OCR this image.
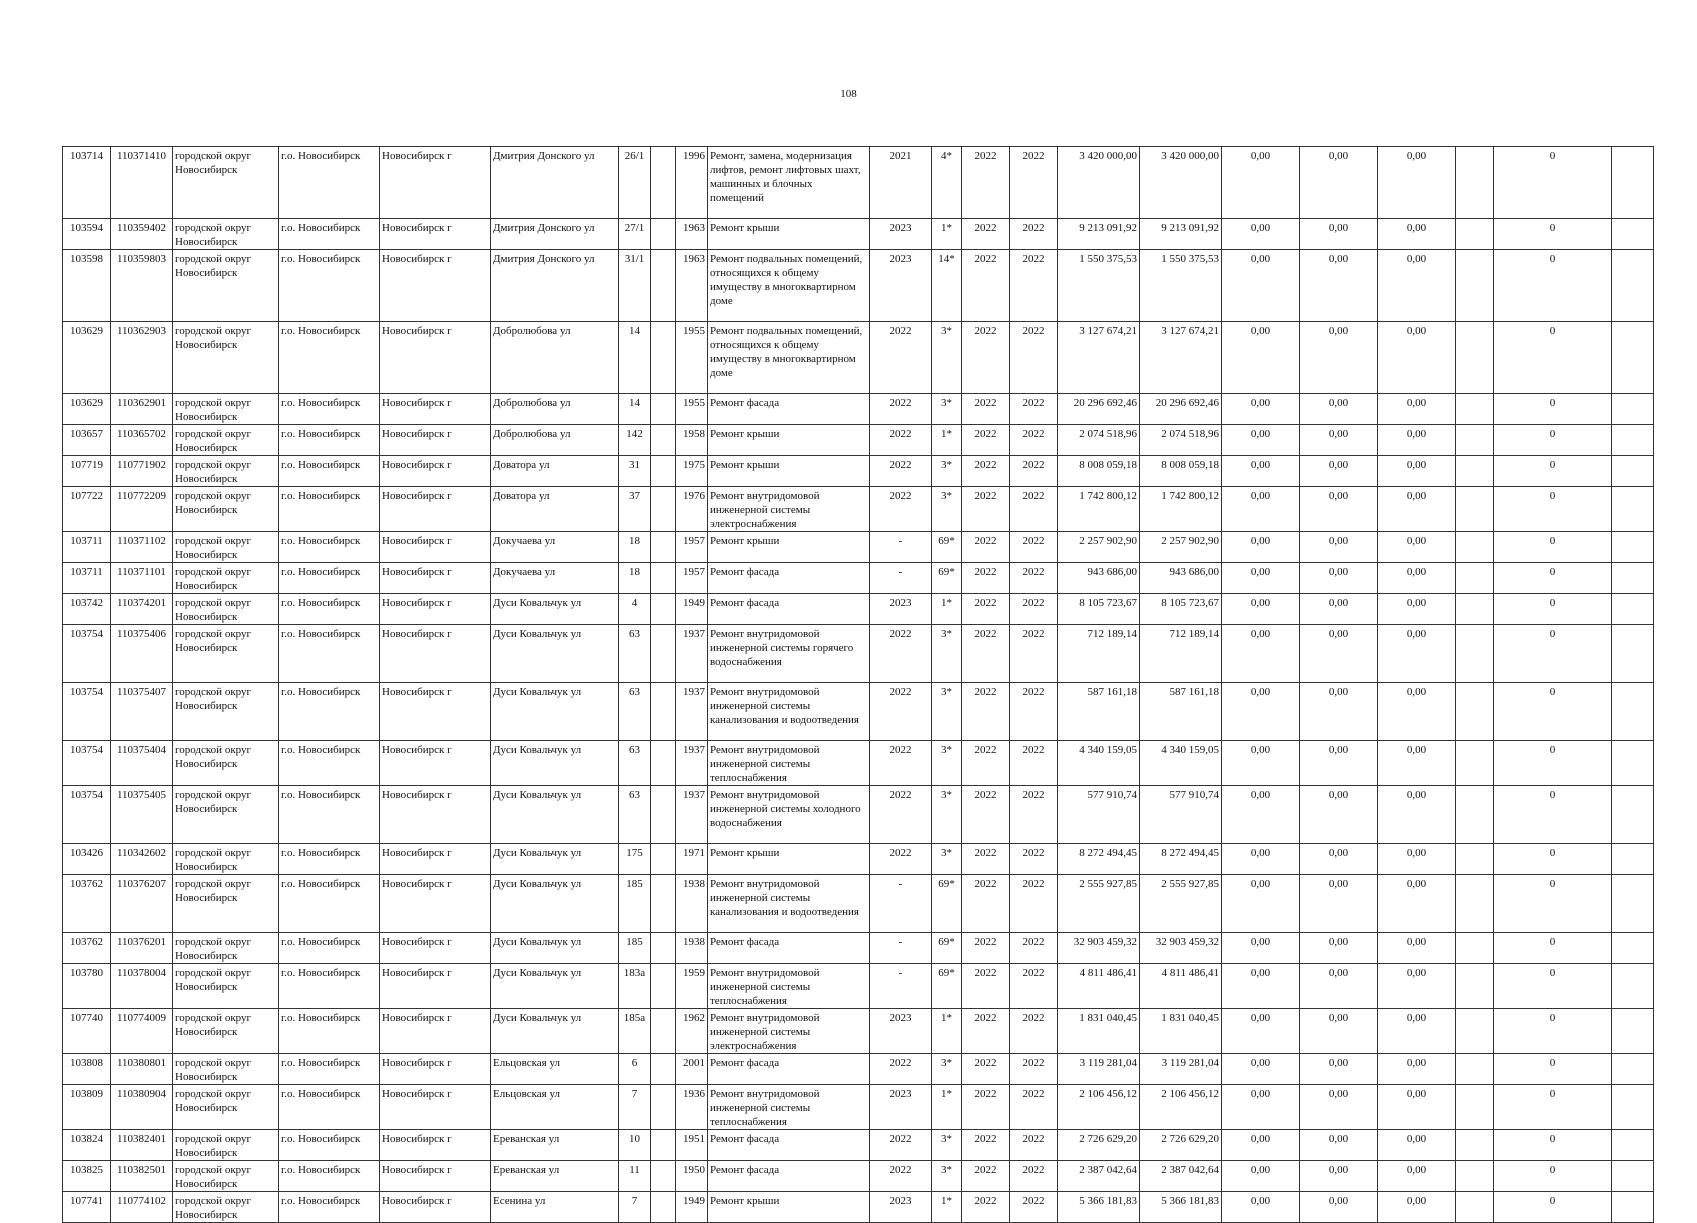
108
103714	110371410	городской округ Новосибирск	г.о. Новосибирск	Новосибирск г	Дмитрия Донского ул	26/1		1996	Ремонт, замена, модернизация лифтов, ремонт лифтовых шахт, машинных и блочных помещений	2021	4*	2022	2022	3 420 000,00	3 420 000,00	0,00	0,00	0,00		0	
103594	110359402	городской округ Новосибирск	г.о. Новосибирск	Новосибирск г	Дмитрия Донского ул	27/1		1963	Ремонт крыши	2023	1*	2022	2022	9 213 091,92	9 213 091,92	0,00	0,00	0,00		0	
103598	110359803	городской округ Новосибирск	г.о. Новосибирск	Новосибирск г	Дмитрия Донского ул	31/1		1963	Ремонт подвальных помещений, относящихся к общему имуществу в многоквартирном доме	2023	14*	2022	2022	1 550 375,53	1 550 375,53	0,00	0,00	0,00		0	
103629	110362903	городской округ Новосибирск	г.о. Новосибирск	Новосибирск г	Добролюбова ул	14		1955	Ремонт подвальных помещений, относящихся к общему имуществу в многоквартирном доме	2022	3*	2022	2022	3 127 674,21	3 127 674,21	0,00	0,00	0,00		0	
103629	110362901	городской округ Новосибирск	г.о. Новосибирск	Новосибирск г	Добролюбова ул	14		1955	Ремонт фасада	2022	3*	2022	2022	20 296 692,46	20 296 692,46	0,00	0,00	0,00		0	
103657	110365702	городской округ Новосибирск	г.о. Новосибирск	Новосибирск г	Добролюбова ул	142		1958	Ремонт крыши	2022	1*	2022	2022	2 074 518,96	2 074 518,96	0,00	0,00	0,00		0	
107719	110771902	городской округ Новосибирск	г.о. Новосибирск	Новосибирск г	Доватора ул	31		1975	Ремонт крыши	2022	3*	2022	2022	8 008 059,18	8 008 059,18	0,00	0,00	0,00		0	
107722	110772209	городской округ Новосибирск	г.о. Новосибирск	Новосибирск г	Доватора ул	37		1976	Ремонт внутридомовой инженерной системы электроснабжения	2022	3*	2022	2022	1 742 800,12	1 742 800,12	0,00	0,00	0,00		0	
103711	110371102	городской округ Новосибирск	г.о. Новосибирск	Новосибирск г	Докучаева ул	18		1957	Ремонт крыши	-	69*	2022	2022	2 257 902,90	2 257 902,90	0,00	0,00	0,00		0	
103711	110371101	городской округ Новосибирск	г.о. Новосибирск	Новосибирск г	Докучаева ул	18		1957	Ремонт фасада	-	69*	2022	2022	943 686,00	943 686,00	0,00	0,00	0,00		0	
103742	110374201	городской округ Новосибирск	г.о. Новосибирск	Новосибирск г	Дуси Ковальчук ул	4		1949	Ремонт фасада	2023	1*	2022	2022	8 105 723,67	8 105 723,67	0,00	0,00	0,00		0	
103754	110375406	городской округ Новосибирск	г.о. Новосибирск	Новосибирск г	Дуси Ковальчук ул	63		1937	Ремонт внутридомовой инженерной системы горячего водоснабжения	2022	3*	2022	2022	712 189,14	712 189,14	0,00	0,00	0,00		0	
103754	110375407	городской округ Новосибирск	г.о. Новосибирск	Новосибирск г	Дуси Ковальчук ул	63		1937	Ремонт внутридомовой инженерной системы канализования и водоотведения	2022	3*	2022	2022	587 161,18	587 161,18	0,00	0,00	0,00		0	
103754	110375404	городской округ Новосибирск	г.о. Новосибирск	Новосибирск г	Дуси Ковальчук ул	63		1937	Ремонт внутридомовой инженерной системы теплоснабжения	2022	3*	2022	2022	4 340 159,05	4 340 159,05	0,00	0,00	0,00		0	
103754	110375405	городской округ Новосибирск	г.о. Новосибирск	Новосибирск г	Дуси Ковальчук ул	63		1937	Ремонт внутридомовой инженерной системы холодного водоснабжения	2022	3*	2022	2022	577 910,74	577 910,74	0,00	0,00	0,00		0	
103426	110342602	городской округ Новосибирск	г.о. Новосибирск	Новосибирск г	Дуси Ковальчук ул	175		1971	Ремонт крыши	2022	3*	2022	2022	8 272 494,45	8 272 494,45	0,00	0,00	0,00		0	
103762	110376207	городской округ Новосибирск	г.о. Новосибирск	Новосибирск г	Дуси Ковальчук ул	185		1938	Ремонт внутридомовой инженерной системы канализования и водоотведения	-	69*	2022	2022	2 555 927,85	2 555 927,85	0,00	0,00	0,00		0	
103762	110376201	городской округ Новосибирск	г.о. Новосибирск	Новосибирск г	Дуси Ковальчук ул	185		1938	Ремонт фасада	-	69*	2022	2022	32 903 459,32	32 903 459,32	0,00	0,00	0,00		0	
103780	110378004	городской округ Новосибирск	г.о. Новосибирск	Новосибирск г	Дуси Ковальчук ул	183а		1959	Ремонт внутридомовой инженерной системы теплоснабжения	-	69*	2022	2022	4 811 486,41	4 811 486,41	0,00	0,00	0,00		0	
107740	110774009	городской округ Новосибирск	г.о. Новосибирск	Новосибирск г	Дуси Ковальчук ул	185а		1962	Ремонт внутридомовой инженерной системы электроснабжения	2023	1*	2022	2022	1 831 040,45	1 831 040,45	0,00	0,00	0,00		0	
103808	110380801	городской округ Новосибирск	г.о. Новосибирск	Новосибирск г	Ельцовская ул	6		2001	Ремонт фасада	2022	3*	2022	2022	3 119 281,04	3 119 281,04	0,00	0,00	0,00		0	
103809	110380904	городской округ Новосибирск	г.о. Новосибирск	Новосибирск г	Ельцовская ул	7		1936	Ремонт внутридомовой инженерной системы теплоснабжения	2023	1*	2022	2022	2 106 456,12	2 106 456,12	0,00	0,00	0,00		0	
103824	110382401	городской округ Новосибирск	г.о. Новосибирск	Новосибирск г	Ереванская ул	10		1951	Ремонт фасада	2022	3*	2022	2022	2 726 629,20	2 726 629,20	0,00	0,00	0,00		0	
103825	110382501	городской округ Новосибирск	г.о. Новосибирск	Новосибирск г	Ереванская ул	11		1950	Ремонт фасада	2022	3*	2022	2022	2 387 042,64	2 387 042,64	0,00	0,00	0,00		0	
107741	110774102	городской округ Новосибирск	г.о. Новосибирск	Новосибирск г	Есенина ул	7		1949	Ремонт крыши	2023	1*	2022	2022	5 366 181,83	5 366 181,83	0,00	0,00	0,00		0	
